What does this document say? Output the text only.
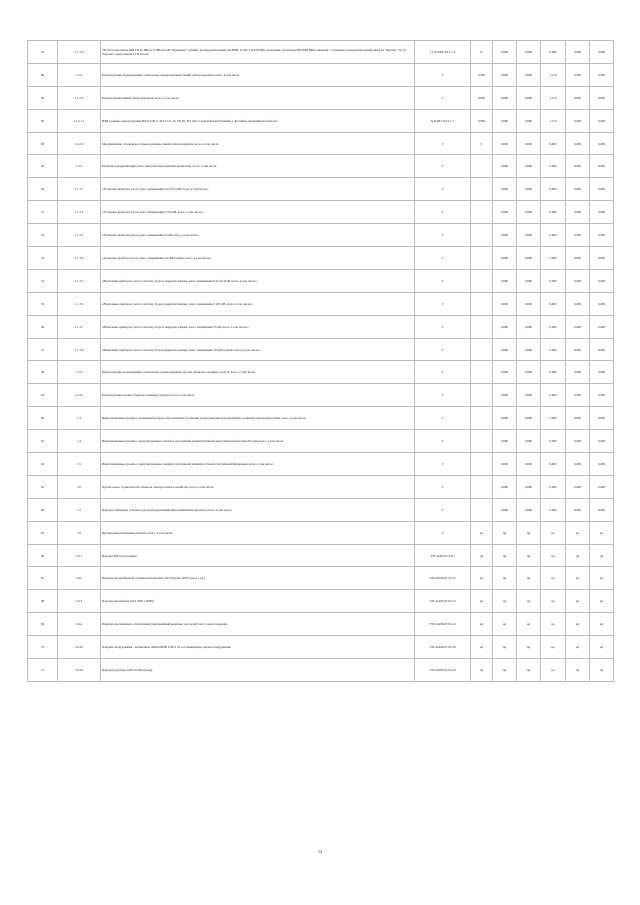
91	1.1.1.6	ТП тип разделитель 6кВ ТП по ИВ-О-3с Ф6-10,1кВ-"Буденовка" отпайка, распределительный тип ВКВ, 10 кВ, ТП-250 кВА, проводник, изоляторы ВЛ (ВН) ВКВ, анкерная с 2 опорами, распределительный шкаф на "Бурная" / № 10 "Березка" центральная в ТП и 6 квт	1.С.КАВ.ГЛЭ.1.1.9	пс	0,000	0,000	0,000	0,000	0,000	
89	1.2.4	Реконструкция, модернизация, техническое перевооружение линий электропередачи, всего, в том числе	Г	0,000	0,000	0,000	1,119	0,000	0,000	
95	1.1.2.4	Реконструкция линий электропередачи, всего, в том числе	Г	0,000	0,000	0,000	1,113	0,000	0,000	
92	1.2.2.1.1	ВЛИ в районе реконструкции ВЛ-0,4 кВ от ТП-6 121 23, ТП 26, ТП-106 от потребителей Н.линий, г. Балтийск, Калининградской обл.	К.КАВ.ГЛЭ.2.1.1	0,999	0,000	0,000	1,113	0,000	0,000	
90	1.2.2.2	Модернизация, техническое перевооружение линий электропередачи, всего, в том числе	Г	0	0,000	0,000	0,000	0,000	0,000	
93	1.2.3	Развитие и модернизация учета электрической энергии (мощности), всего, в том числе	Г		0,000	0,000	0,000	0,000	0,000	
94	1.1.3.1	«Установка приборов учета, класс напряжения 0,22 (0,4) кВ, всего, в том числе:»	Г		0,000	0,000	0,000	0,000	0,000	
51	1.1.3.2	«Установка приборов учета, класс напряжения 6 (10) кВ, всего, в том числе:»	Г		0,000	0,000	0,000	0,000	0,000	
53	1.1.3.3	«Установка приборов учета, класс напряжения 35 кВ, всего, в том числе:»	Г		0,000	0,000	0,000	0,000	0,000	
53	1.1.3.4	«Установка приборов учета, класс напряжения 110 кВ и выше, всего, в том числе:»	Г		0,000	0,000	0,000	0,000	0,000	
54	1.1.3.5	«Включение приборов учета в систему сбора и передачи данных, класс напряжения 0,22 (0,4) кВ, всего, в том числе:»	Г		0,000	0,000	0,000	0,000	0,000	
55	1.1.3.6	«Включение приборов учета в систему сбора и передачи данных, класс напряжения 6 (10) кВ, всего, в том числе:»	Г		0,000	0,000	0,000	0,000	0,000	
56	1.1.3.7	«Включение приборов учета в систему сбора и передачи данных, класс напряжения 35 кВ, всего, в том числе:»	Г		0,000	0,000	0,000	0,000	0,000	
57	1.1.3.8	«Включение приборов учета в систему сбора и передачи данных, класс напряжения 110 кВ и выше, всего, в том числе:»	Г		0,000	0,000	0,000	0,000	0,000	
58	1.2.4	Реконструкция, модернизация, техническое перевооружение прочих объектов основных средств, всего, в том числе:	Г		0,000	0,000	0,000	0,000	0,000	
54	1.2.4.1	Реконструкция прочих объектов основных средств, всего, в том числе	Г		0,000	0,000	0,000	0,000	0,000	
60	1.3	Инвестиционные проекты, реализация которых обуславливается схемами и программами перспективного развития электроэнергетики, всего, в том числе:	Г		0,000	0,000	0,000	0,000	0,000	
61	1.4	Инвестиционные проекты, предусмотренные схемой и программой развития Единой энергетической системы России, всего, в том числе:	Г		0,000	0,000	0,000	0,000	0,000	
62	1.5	Инвестиционные проекты, предусмотренные схемой и программой развития субъекта Российской Федерации, всего, в том числе:	Г		0,000	0,000	0,000	0,000	0,000	
63	1.6	Прочее новое строительство объектов электросетевого хозяйства, всего, в том числе:	Г		0,000	0,000	0,000	0,000	0,000	
64	1.5	Покупка земельных участков для целей реализации инвестиционных проектов, всего, в том числе:	Г		0,000	0,000	0,000	0,000	0,000	
65	1.6	Прочие инвестиционные проекты, всего, в том числе:	Г	нд	нд	нд	нд	нд	нд	
66	1.6.1	Покупка ПК и оргтехники	ЭТС.КАВ.ОГЭ.6.1	нд	нд	нд	нд	нд	нд	
67	1.6.2	Покупка автомобильной техники (Автомобиль УАЗ Патриот 2022 года и 1 ед.)	ЭТС.КАВ.ОГЭ.6.12	нд	нд	нд	нд	нд	нд	
68	1.6.3	Покупка автомобиля (ГАЗ 3302 с КМУ)	ЭТС.КАВ.ОГЭ.6.13	нд	нд	нд	нд	нд	нд	
69	1.6.4	Покупка программного обеспечения (программный комплекс для целей учета электроэнергии)	ЭТС.КАВ.ОГЭ.6.14	нд	нд	нд	нд	нд	нд	
70	1.6.18	Покупка оборудования - автомобиль АКМ/ОПОР ТОЕ в 10 составляющая и прочее оборудование	ЭТС.КАВ.ОГЭ.6.18	нд	нд	нд	нд	нд	нд	
71	1.6.19	Покупка ноутбука АЗУС/ОЭК (бренд)	ЭТС.КАВ.ОГЭ.6.19	нд	нд	нд	нд	нд	нд	
14
